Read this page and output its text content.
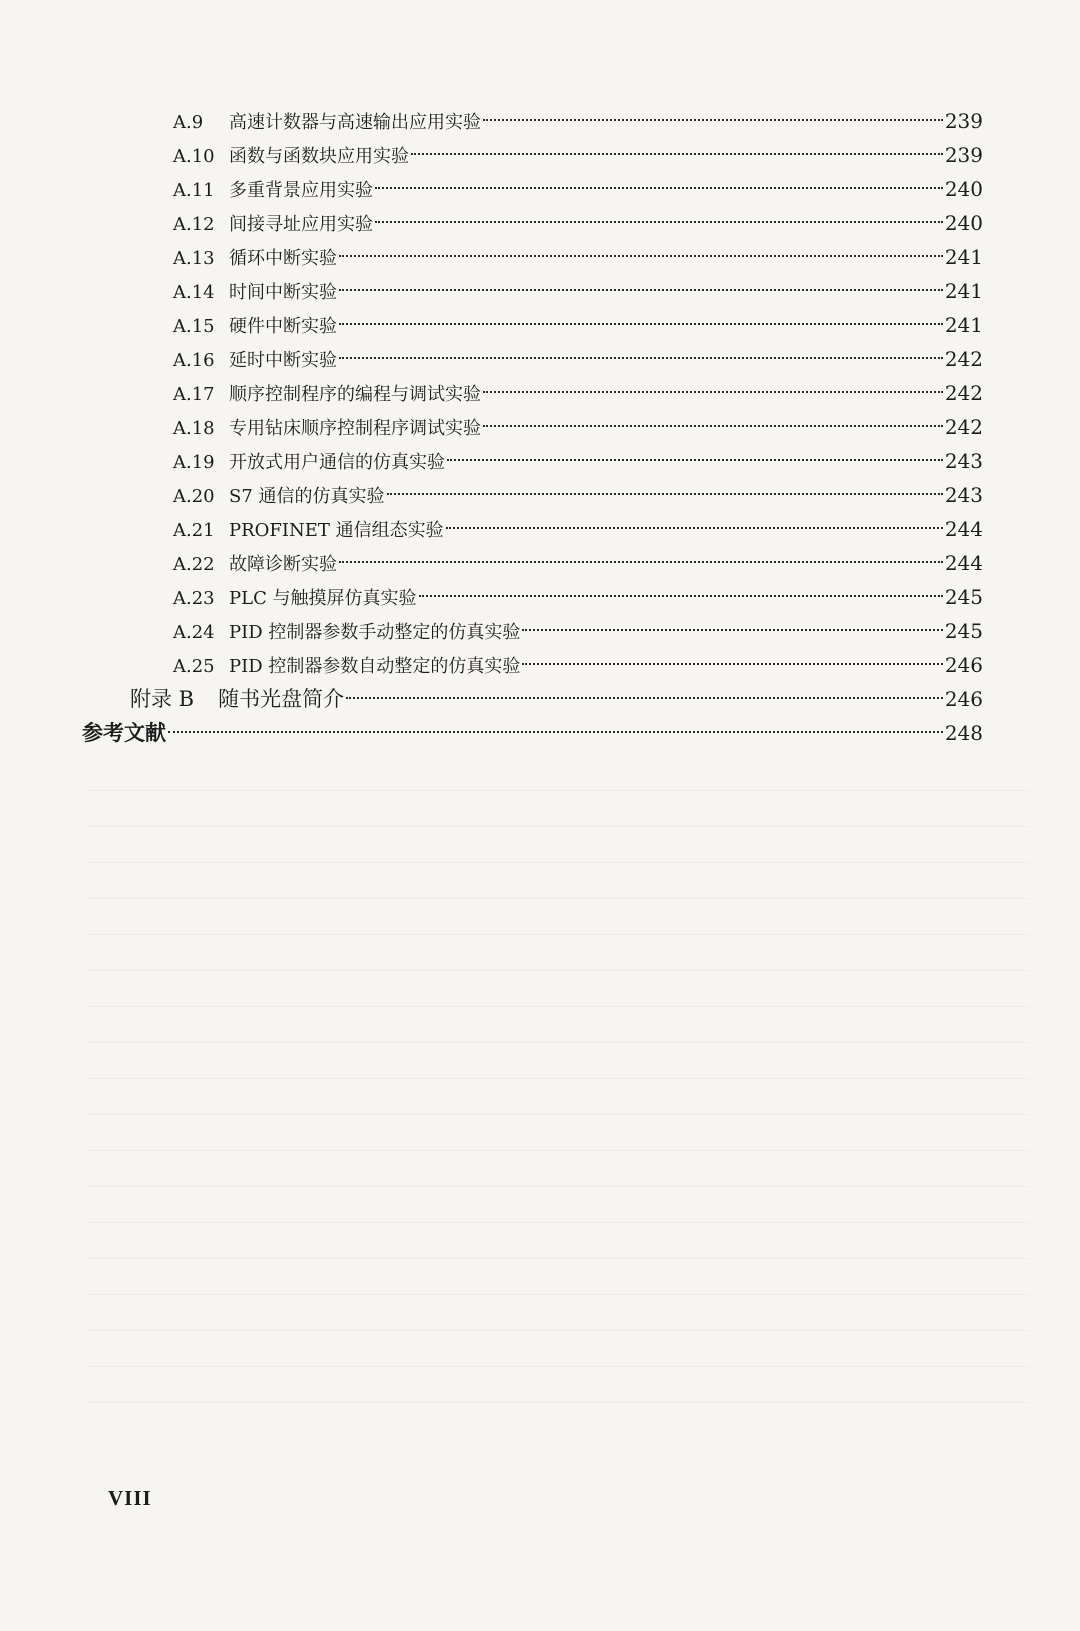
A.9	高速计数器与高速输出应用实验	239
A.10 函数与函数块应用实验	239
A.11 多重背景应用实验	240
A.12 间接寻址应用实验	240
A.13 循环中断实验	241
A.14 时间中断实验	241
A.15 硬件中断实验	241
A.16 延时中断实验	242
A.17 顺序控制程序的编程与调试实验	242
A.18 专用钻床顺序控制程序调试实验	242
A.19 开放式用户通信的仿真实验	243
A.20 S7 通信的仿真实验	243
A.21 PROFINET 通信组态实验	244
A.22 故障诊断实验	244
A.23 PLC 与触摸屏仿真实验	245
A.24 PID 控制器参数手动整定的仿真实验	245
A.25 PID 控制器参数自动整定的仿真实验	246
附录 B 随书光盘简介	246
参考文献	248
VIII
